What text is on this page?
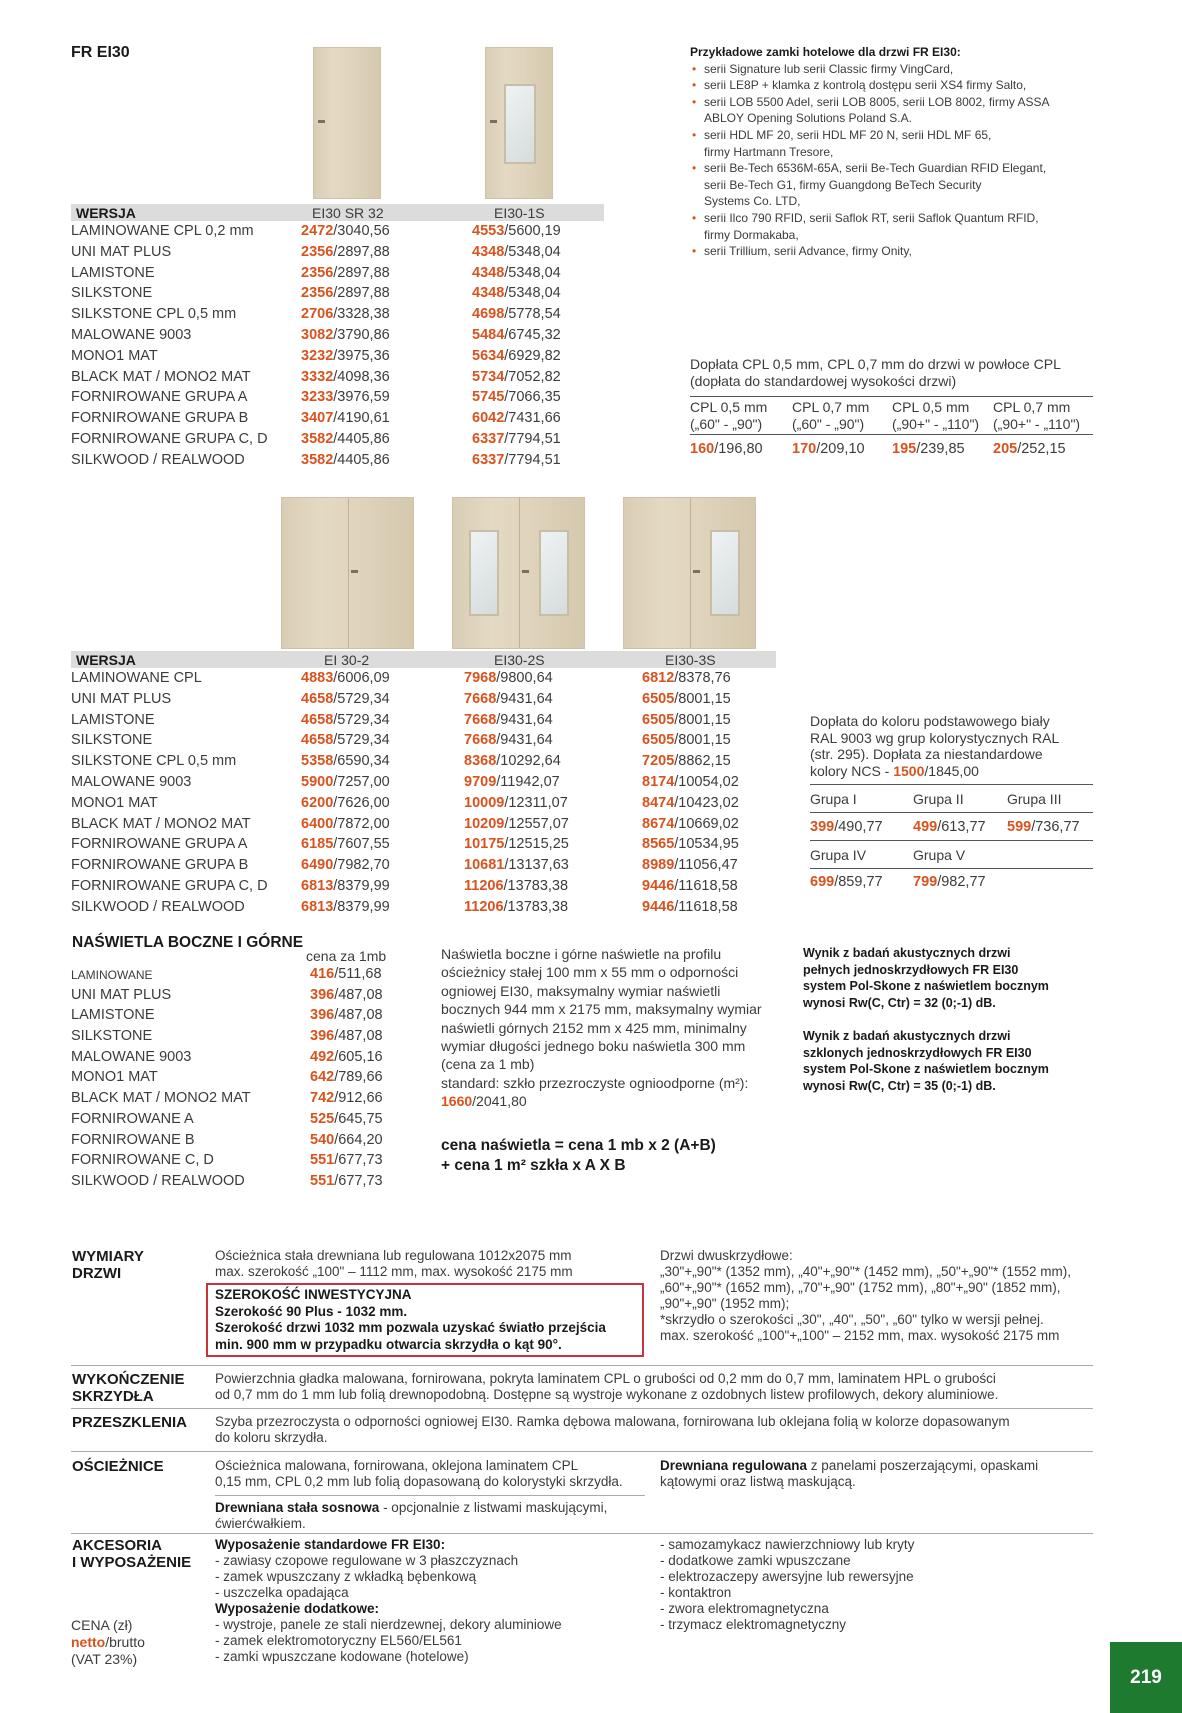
FR EI30
WERSJA	EI30 SR 32	EI30-1S
LAMINOWANE CPL 0,2 mm	2472/3040,56	4553/5600,19
UNI MAT PLUS	2356/2897,88	4348/5348,04
LAMISTONE	2356/2897,88	4348/5348,04
SILKSTONE	2356/2897,88	4348/5348,04
SILKSTONE CPL 0,5 mm	2706/3328,38	4698/5778,54
MALOWANE 9003	3082/3790,86	5484/6745,32
MONO1 MAT	3232/3975,36	5634/6929,82
BLACK MAT / MONO2 MAT	3332/4098,36	5734/7052,82
FORNIROWANE GRUPA A	3233/3976,59	5745/7066,35
FORNIROWANE GRUPA B	3407/4190,61	6042/7431,66
FORNIROWANE GRUPA C, D 3582/4405,86	6337/7794,51
SILKWOOD / REALWOOD	3582/4405,86	6337/7794,51
Przykładowe zamki hotelowe dla drzwi FR EI30:
• serii Signature lub serii Classic firmy VingCard,
• serii LE8P + klamka z kontrolą dostępu serii XS4 firmy Salto,
• serii LOB 5500 Adel, serii LOB 8005, serii LOB 8002, firmy ASSA
ABLOY Opening Solutions Poland S.A.
• serii HDL MF 20, serii HDL MF 20 N, serii HDL MF 65,
firmy Hartmann Tresore,
• serii Be-Tech 6536M-65A, serii Be-Tech Guardian RFID Elegant,
serii Be-Tech G1, firmy Guangdong BeTech Security
Systems Co. LTD,
• serii Ilco 790 RFID, serii Saflok RT, serii Saflok Quantum RFID,
firmy Dormakaba,
• serii Trillium, serii Advance, firmy Onity,
Dopłata CPL 0,5 mm, CPL 0,7 mm do drzwi w powłoce CPL
(dopłata do standardowej wysokości drzwi)
CPL 0,5 mm
(„60" - „90")
160/196,80
CPL 0,7 mm
(„60" - „90")
170/209,10
CPL 0,5 mm
(„90+" - „110")
195/239,85
CPL 0,7 mm
(„90+" - „110")
205/252,15
WERSJA	EI 30-2	EI30-2S	EI30-3S
LAMINOWANE CPL	4883/6006,09	7968/9800,64	6812/8378,76
UNI MAT PLUS	4658/5729,34	7668/9431,64	6505/8001,15
LAMISTONE	4658/5729,34	7668/9431,64	6505/8001,15
SILKSTONE	4658/5729,34	7668/9431,64	6505/8001,15
SILKSTONE CPL 0,5 mm	5358/6590,34	8368/10292,64	7205/8862,15
MALOWANE 9003	5900/7257,00	9709/11942,07	8174/10054,02
MONO1 MAT	6200/7626,00	10009/12311,07	8474/10423,02
BLACK MAT / MONO2 MAT	6400/7872,00	10209/12557,07	8674/10669,02
FORNIROWANE GRUPA A	6185/7607,55	10175/12515,25	8565/10534,95
FORNIROWANE GRUPA B	6490/7982,70	10681/13137,63	8989/11056,47
FORNIROWANE GRUPA C, D 6813/8379,99	11206/13783,38	9446/11618,58
SILKWOOD / REALWOOD	6813/8379,99	11206/13783,38	9446/11618,58
Dopłata do koloru podstawowego biały
RAL 9003 wg grup kolorystycznych RAL
(str. 295). Dopłata za niestandardowe
kolory NCS - 1500/1845,00
Grupa I
399/490,77
Grupa II
499/613,77
Grupa III
599/736,77
Grupa IV
699/859,77
Grupa V
799/982,77
NAŚWIETLA BOCZNE I GÓRNE
cena za 1mb
LAMINOWANE	416/511,68
UNI MAT PLUS	396/487,08
LAMISTONE	396/487,08
SILKSTONE	396/487,08
MALOWANE 9003	492/605,16
MONO1 MAT	642/789,66
BLACK MAT / MONO2 MAT	742/912,66
FORNIROWANE A	525/645,75
FORNIROWANE B	540/664,20
FORNIROWANE C, D	551/677,73
SILKWOOD / REALWOOD	551/677,73
Naświetla boczne i górne naświetle na profilu
ościeżnicy stałej 100 mm x 55 mm o odporności
ogniowej EI30, maksymalny wymiar naświetli
bocznych 944 mm x 2175 mm, maksymalny wymiar
naświetli górnych 2152 mm x 425 mm, minimalny
wymiar długości jednego boku naświetla 300 mm
(cena za 1 mb)
standard: szkło przezroczyste ognioodporne (m²):
1660/2041,80
cena naświetla = cena 1 mb x 2 (A+B)
+ cena 1 m² szkła x A X B
Wynik z badań akustycznych drzwi
pełnych jednoskrzydłowych FR EI30
system Pol-Skone z naświetlem bocznym
wynosi Rw(C, Ctr) = 32 (0;-1) dB.
Wynik z badań akustycznych drzwi
szklonych jednoskrzydłowych FR EI30
system Pol-Skone z naświetlem bocznym
wynosi Rw(C, Ctr) = 35 (0;-1) dB.
WYMIARY
DRZWI
Ościeżnica stała drewniana lub regulowana 1012x2075 mm
max. szerokość „100" – 1112 mm, max. wysokość 2175 mm
SZEROKOŚĆ INWESTYCYJNA
Szerokość 90 Plus - 1032 mm.
Szerokość drzwi 1032 mm pozwala uzyskać światło przejścia
min. 900 mm w przypadku otwarcia skrzydła o kąt 90°.
Drzwi dwuskrzydłowe:
„30"+„90"* (1352 mm), „40"+„90"* (1452 mm), „50"+„90"* (1552 mm),
„60"+„90"* (1652 mm), „70"+„90" (1752 mm), „80"+„90" (1852 mm),
„90"+„90" (1952 mm);
*skrzydło o szerokości „30", „40", „50", „60" tylko w wersji pełnej.
max. szerokość „100"+„100" – 2152 mm, max. wysokość 2175 mm
WYKOŃCZENIE
SKRZYDŁA
Powierzchnia gładka malowana, fornirowana, pokryta laminatem CPL o grubości od 0,2 mm do 0,7 mm, laminatem HPL o grubości
od 0,7 mm do 1 mm lub folią drewnopodobną. Dostępne są wystroje wykonane z ozdobnych listew profilowych, dekory aluminiowe.
PRZESZKLENIA Szyba przezroczysta o odporności ogniowej EI30. Ramka dębowa malowana, fornirowana lub oklejana folią w kolorze dopasowanym
do koloru skrzydła.
OŚCIEŻNICE	Ościeżnica malowana, fornirowana, oklejona laminatem CPL
0,15 mm, CPL 0,2 mm lub folią dopasowaną do kolorystyki skrzydła.
Drewniana stała sosnowa - opcjonalnie z listwami maskującymi,
ćwierćwałkiem.
Drewniana regulowana z panelami poszerzającymi, opaskami
kątowymi oraz listwą maskującą.
AKCESORIA
I WYPOSAŻENIE
Wyposażenie standardowe FR EI30:
- zawiasy czopowe regulowane w 3 płaszczyznach
- zamek wpuszczany z wkładką bębenkową
- uszczelka opadająca
Wyposażenie dodatkowe:
- wystroje, panele ze stali nierdzewnej, dekory aluminiowe
- zamek elektromotoryczny EL560/EL561
- zamki wpuszczane kodowane (hotelowe)
- samozamykacz nawierzchniowy lub kryty
- dodatkowe zamki wpuszczane
- elektrozaczepy awersyjne lub rewersyjne
- kontaktron
- zwora elektromagnetyczna
- trzymacz elektromagnetyczny
CENA (zł)
netto/brutto
(VAT 23%)
219
